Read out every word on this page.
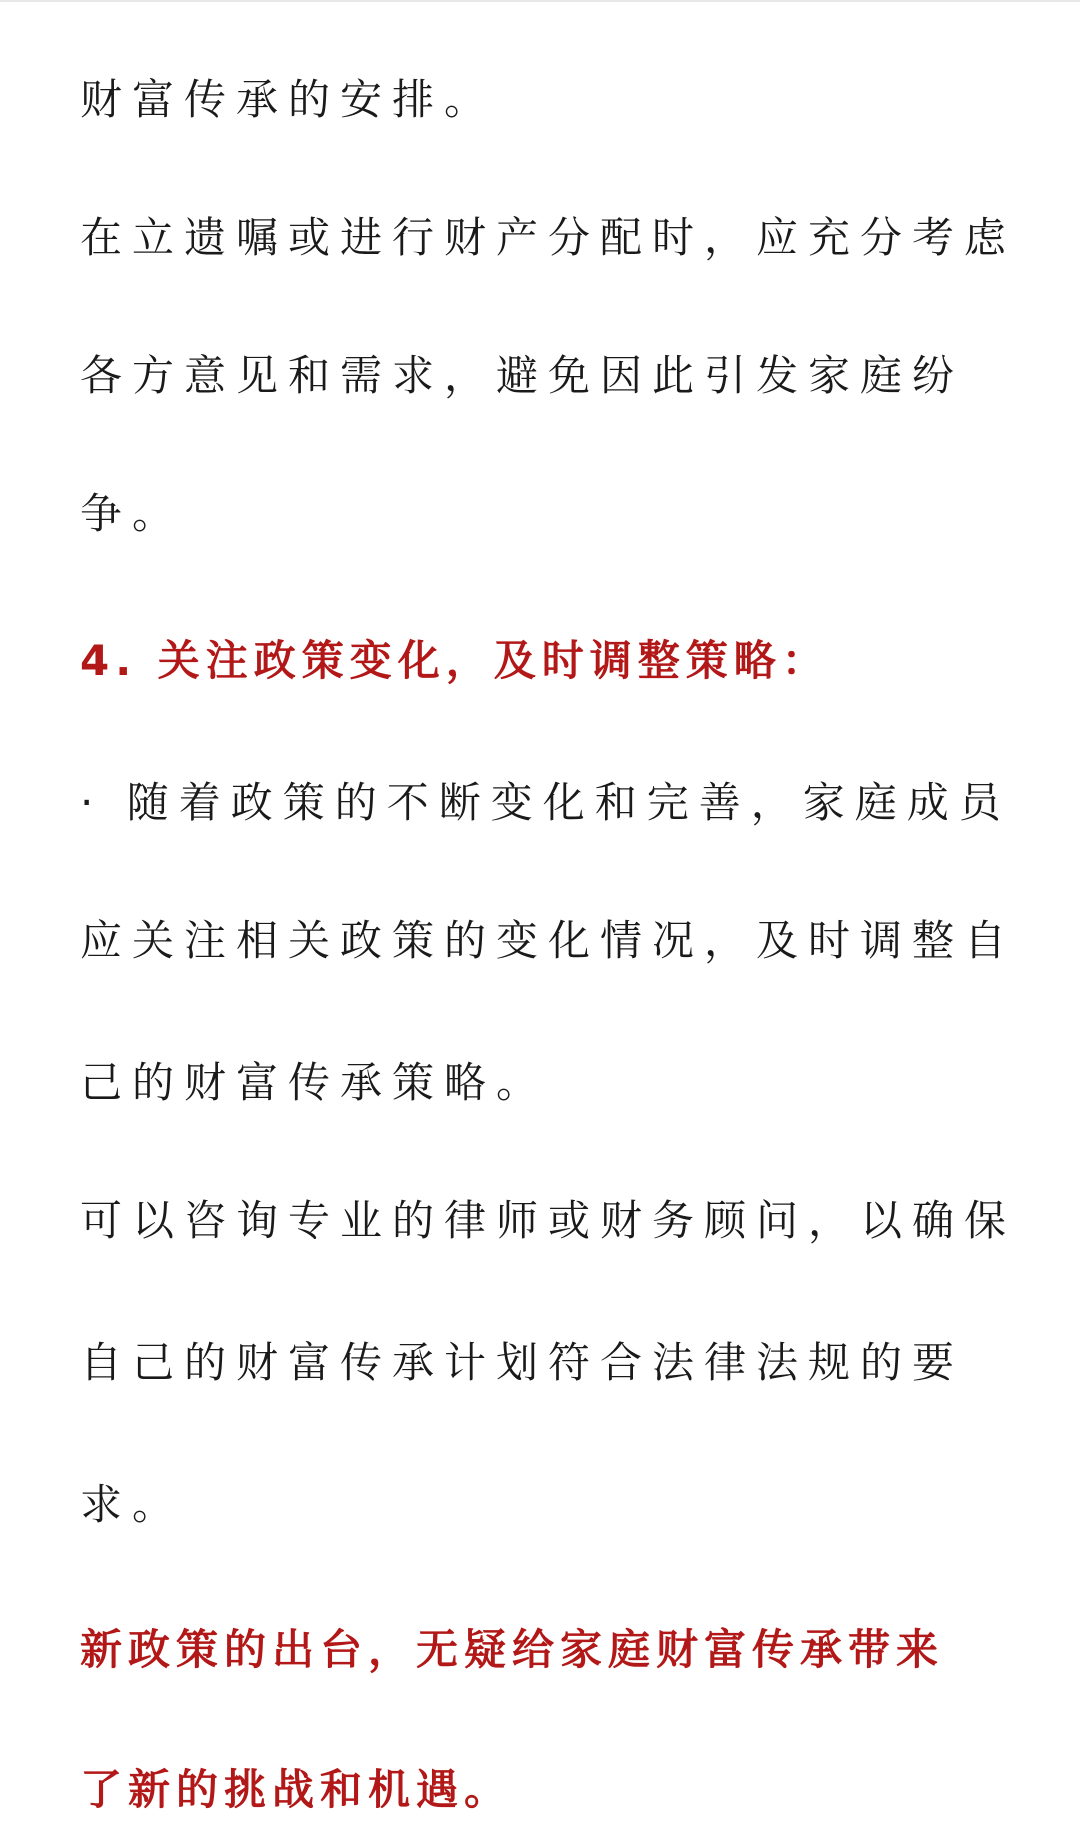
财富传承的安排。
在立遗嘱或进行财产分配时，应充分考虑
各方意见和需求，避免因此引发家庭纷
争。
4. 关注政策变化，及时调整策略：
· 随着政策的不断变化和完善，家庭成员
应关注相关政策的变化情况，及时调整自
己的财富传承策略。
可以咨询专业的律师或财务顾问，以确保
自己的财富传承计划符合法律法规的要
求。
新政策的出台，无疑给家庭财富传承带来
了新的挑战和机遇。
